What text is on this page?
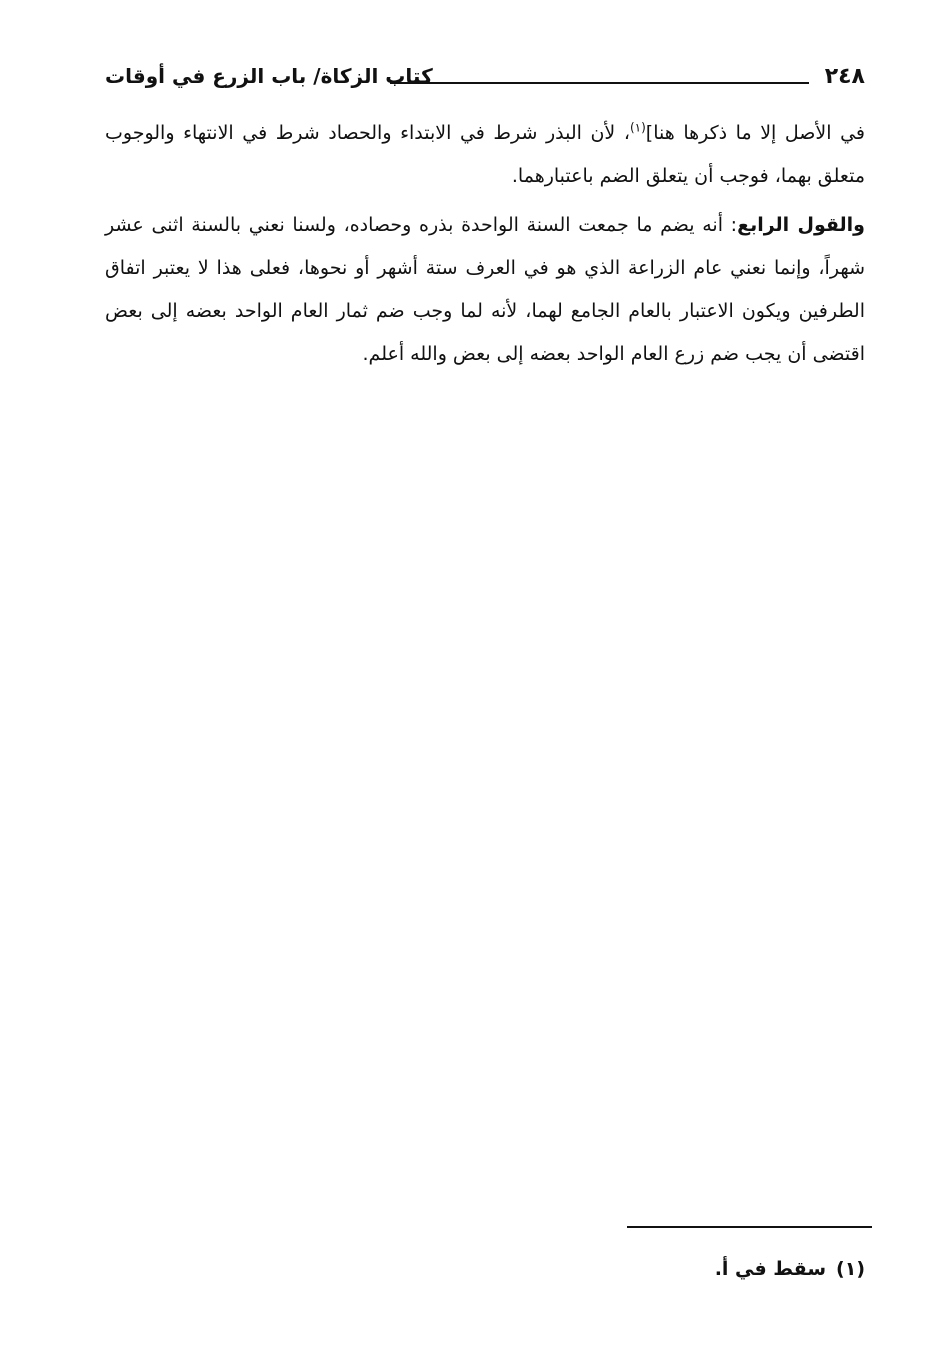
٢٤٨
كتاب الزكاة/ باب الزرع في أوقات

في الأصل إلا ما ذكرها هنا]$^{(١)}$، لأن البذر شرط في الابتداء والحصاد شرط في الانتهاء والوجوب متعلق بهما، فوجب أن يتعلق الضم باعتبارهما.

والقول الرابع: أنه يضم ما جمعت السنة الواحدة بذره وحصاده، ولسنا نعني بالسنة اثنى عشر شهراً، وإنما نعني عام الزراعة الذي هو في العرف ستة أشهر أو نحوها، فعلى هذا لا يعتبر اتفاق الطرفين ويكون الاعتبار بالعام الجامع لهما، لأنه لما وجب ضم ثمار العام الواحد بعضه إلى بعض اقتضى أن يجب ضم زرع العام الواحد بعضه إلى بعض والله أعلم.

(١)سقط في أ.
